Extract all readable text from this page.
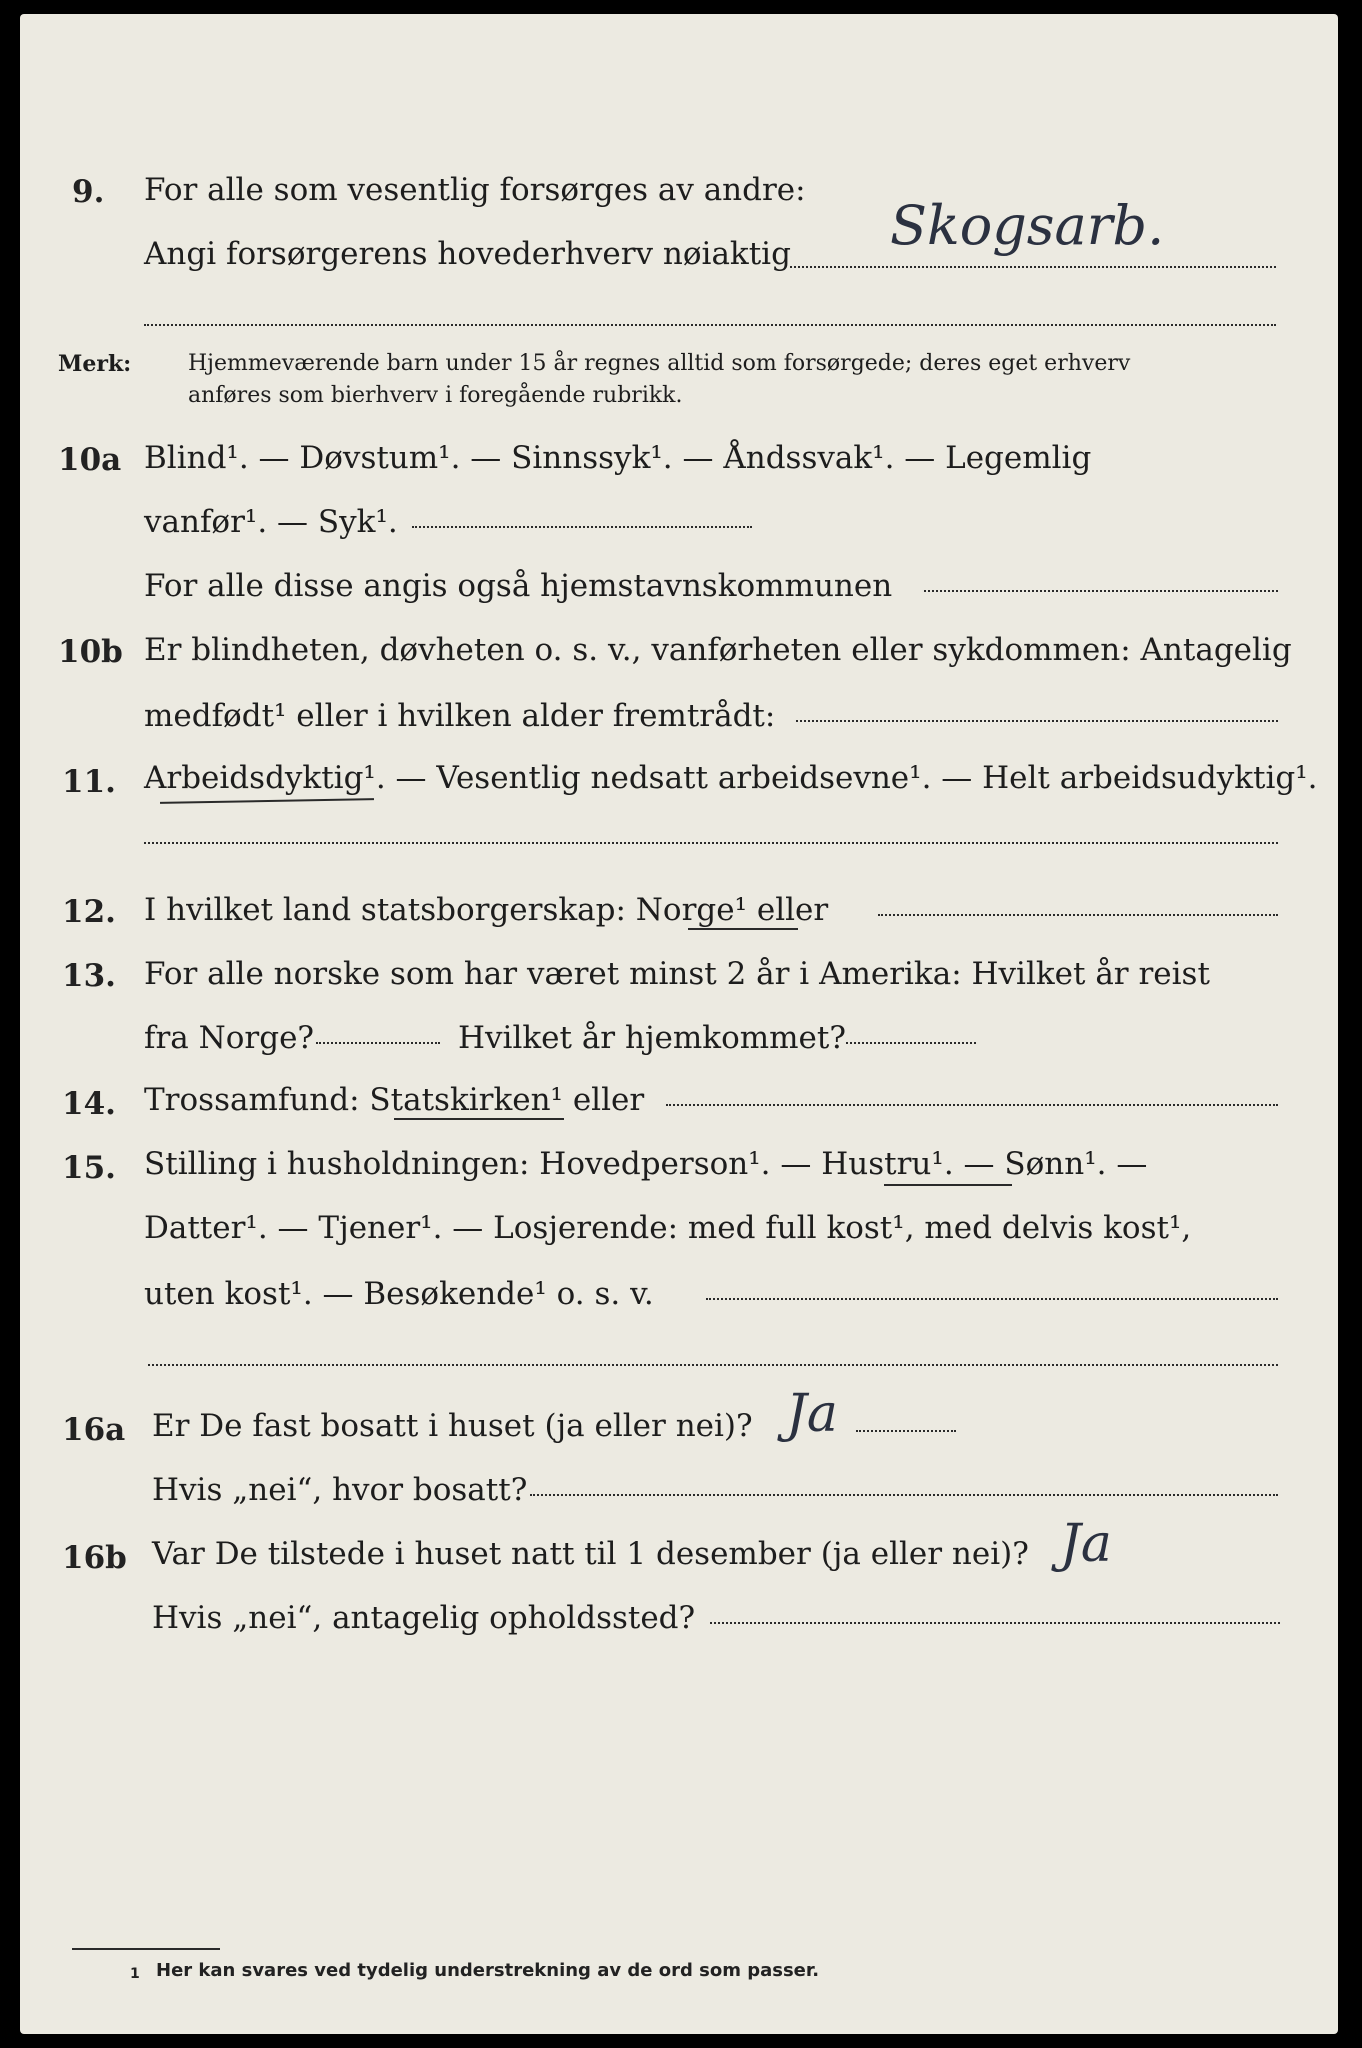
9. For alle som vesentlig forsørges av andre:
Angi forsørgerens hovederhverv nøiaktig Skogsarb.
Merk:	Hjemmeværende barn under 15 år regnes alltid som forsørgede; deres eget erhverv
anføres som bierhverv i foregående rubrikk.
10a Blind¹. — Døvstum¹. — Sinnssyk¹. — Åndssvak¹. — Legemlig
vanfør¹. — Syk¹.
For alle disse angis også hjemstavnskommunen
10b Er blindheten, døvheten o. s. v., vanførheten eller sykdommen: Antagelig
medfødt¹ eller i hvilken alder fremtrådt:
11. Arbeidsdyktig¹. — Vesentlig nedsatt arbeidsevne¹. — Helt arbeidsudyktig¹.
12. I hvilket land statsborgerskap: Norge¹ eller
13. For alle norske som har været minst 2 år i Amerika: Hvilket år reist
fra Norge?	Hvilket år hjemkommet?
14. Trossamfund: Statskirken¹ eller
15. Stilling i husholdningen: Hovedperson¹. — Hustru¹. — Sønn¹. —
Datter¹. — Tjener¹. — Losjerende: med full kost¹, med delvis kost¹,
uten kost¹. — Besøkende¹ o. s. v.
16a Er De fast bosatt i huset (ja eller nei)? Ja
Hvis „nei“, hvor bosatt?
16b Var De tilstede i huset natt til 1 desember (ja eller nei)? Ja
Hvis „nei“, antagelig opholdssted?
1 Her kan svares ved tydelig understrekning av de ord som passer.
